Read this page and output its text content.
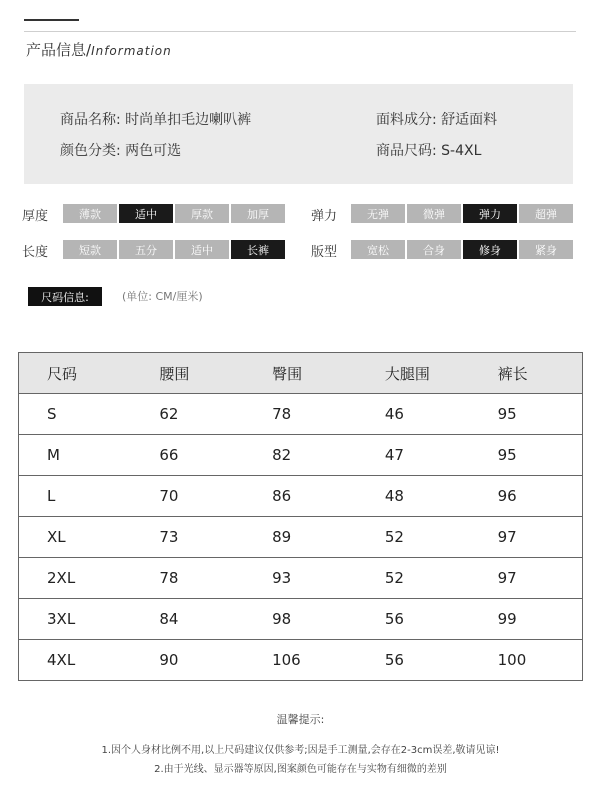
产品信息/Information
商品名称: 时尚单扣毛边喇叭裤	面料成分: 舒适面料
颜色分类: 两色可选	商品尺码: S-4XL
厚度	薄款	适中	厚款	加厚	弹力	无弹	微弹	弹力	超弹
长度	短款	五分	适中	长裤	版型	宽松	合身	修身	紧身
尺码信息:	(单位: CM/厘米)
尺码	腰围	臀围	大腿围	裤长
S	62	78	46	95
M	66	82	47	95
L	70	86	48	96
XL	73	89	52	97
2XL	78	93	52	97
3XL	84	98	56	99
4XL	90	106	56	100
温馨提示:
1.因个人身材比例不用,以上尺码建议仅供参考;因是手工测量,会存在2-3cm误差,敬请见谅!
2.由于光线、显示器等原因,图案颜色可能存在与实物有细微的差别
